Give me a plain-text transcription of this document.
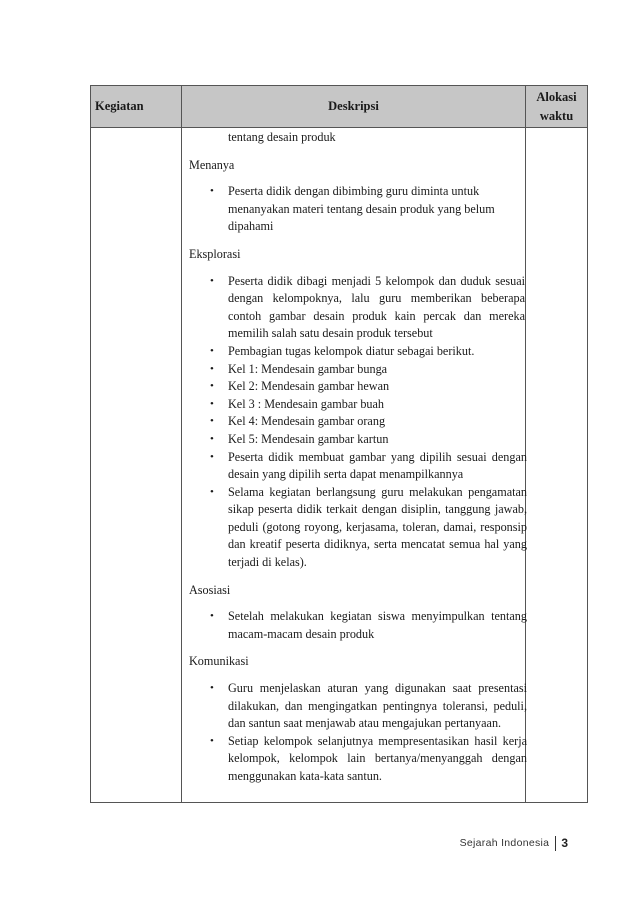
Kegiatan	Deskripsi
Alokasi
waktu
tentang desain produk
Menanya
• Peserta didik dengan dibimbing guru diminta untuk menanyakan materi tentang desain produk yang belum dipahami
Eksplorasi
• Peserta didik dibagi menjadi 5 kelompok dan duduk sesuai dengan kelompoknya, lalu guru memberikan beberapa contoh gambar desain produk kain percak dan mereka memilih salah satu desain produk tersebut
• Pembagian tugas kelompok diatur sebagai berikut.
• Kel 1: Mendesain gambar bunga
• Kel 2: Mendesain gambar hewan
• Kel 3 : Mendesain gambar buah
• Kel 4: Mendesain gambar orang
• Kel 5: Mendesain gambar kartun
• Peserta didik membuat gambar yang dipilih sesuai dengan desain yang dipilih serta dapat menampilkannya
• Selama kegiatan berlangsung guru melakukan pengamatan sikap peserta didik terkait dengan disiplin, tanggung jawab, peduli (gotong royong, kerjasama, toleran, damai, responsip dan kreatif peserta didiknya, serta mencatat semua hal yang terjadi di kelas).
Asosiasi
• Setelah melakukan kegiatan siswa menyimpulkan tentang macam-macam desain produk
Komunikasi
• Guru menjelaskan aturan yang digunakan saat presentasi dilakukan, dan mengingatkan pentingnya toleransi, peduli, dan santun saat menjawab atau mengajukan pertanyaan.
• Setiap kelompok selanjutnya mempresentasikan hasil kerja kelompok, kelompok lain bertanya/menyanggah dengan menggunakan kata-kata santun.
Sejarah Indonesia 3
